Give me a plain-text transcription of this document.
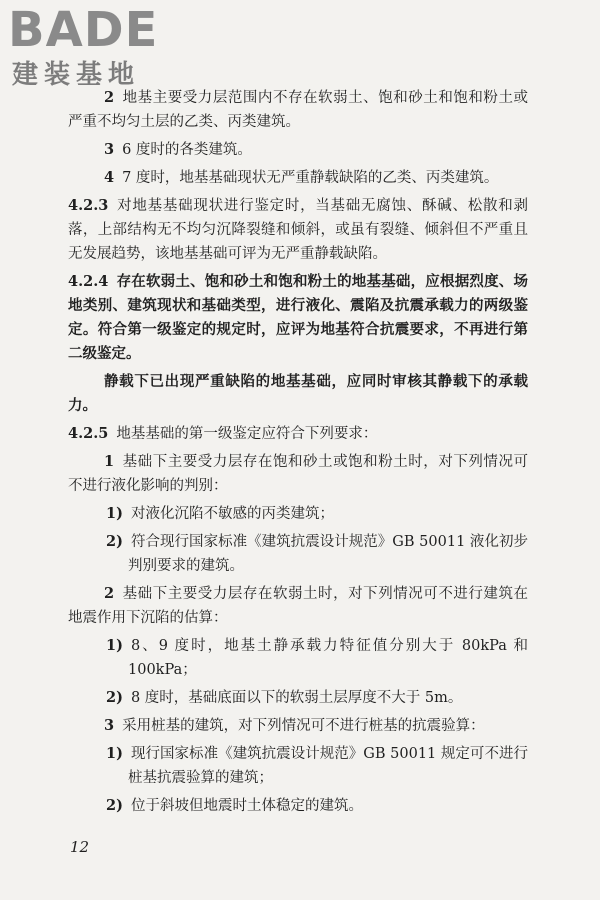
BADE
建装基地

2 地基主要受力层范围内不存在软弱土、饱和砂土和饱和粉土或严重不均匀土层的乙类、丙类建筑。

3 6 度时的各类建筑。

4 7 度时，地基基础现状无严重静载缺陷的乙类、丙类建筑。

4.2.3 对地基基础现状进行鉴定时，当基础无腐蚀、酥碱、松散和剥落，上部结构无不均匀沉降裂缝和倾斜，或虽有裂缝、倾斜但不严重且无发展趋势，该地基基础可评为无严重静载缺陷。

4.2.4 存在软弱土、饱和砂土和饱和粉土的地基基础，应根据烈度、场地类别、建筑现状和基础类型，进行液化、震陷及抗震承载力的两级鉴定。符合第一级鉴定的规定时，应评为地基符合抗震要求，不再进行第二级鉴定。

静载下已出现严重缺陷的地基基础，应同时审核其静载下的承载力。

4.2.5 地基基础的第一级鉴定应符合下列要求：

1 基础下主要受力层存在饱和砂土或饱和粉土时，对下列情况可不进行液化影响的判别：

1) 对液化沉陷不敏感的丙类建筑；

2) 符合现行国家标准《建筑抗震设计规范》GB 50011 液化初步判别要求的建筑。

2 基础下主要受力层存在软弱土时，对下列情况可不进行建筑在地震作用下沉陷的估算：

1) 8、9 度时，地基土静承载力特征值分别大于 80kPa 和 100kPa；

2) 8 度时，基础底面以下的软弱土层厚度不大于 5m。

3 采用桩基的建筑，对下列情况可不进行桩基的抗震验算：

1) 现行国家标准《建筑抗震设计规范》GB 50011 规定可不进行桩基抗震验算的建筑；

2) 位于斜坡但地震时土体稳定的建筑。

12
